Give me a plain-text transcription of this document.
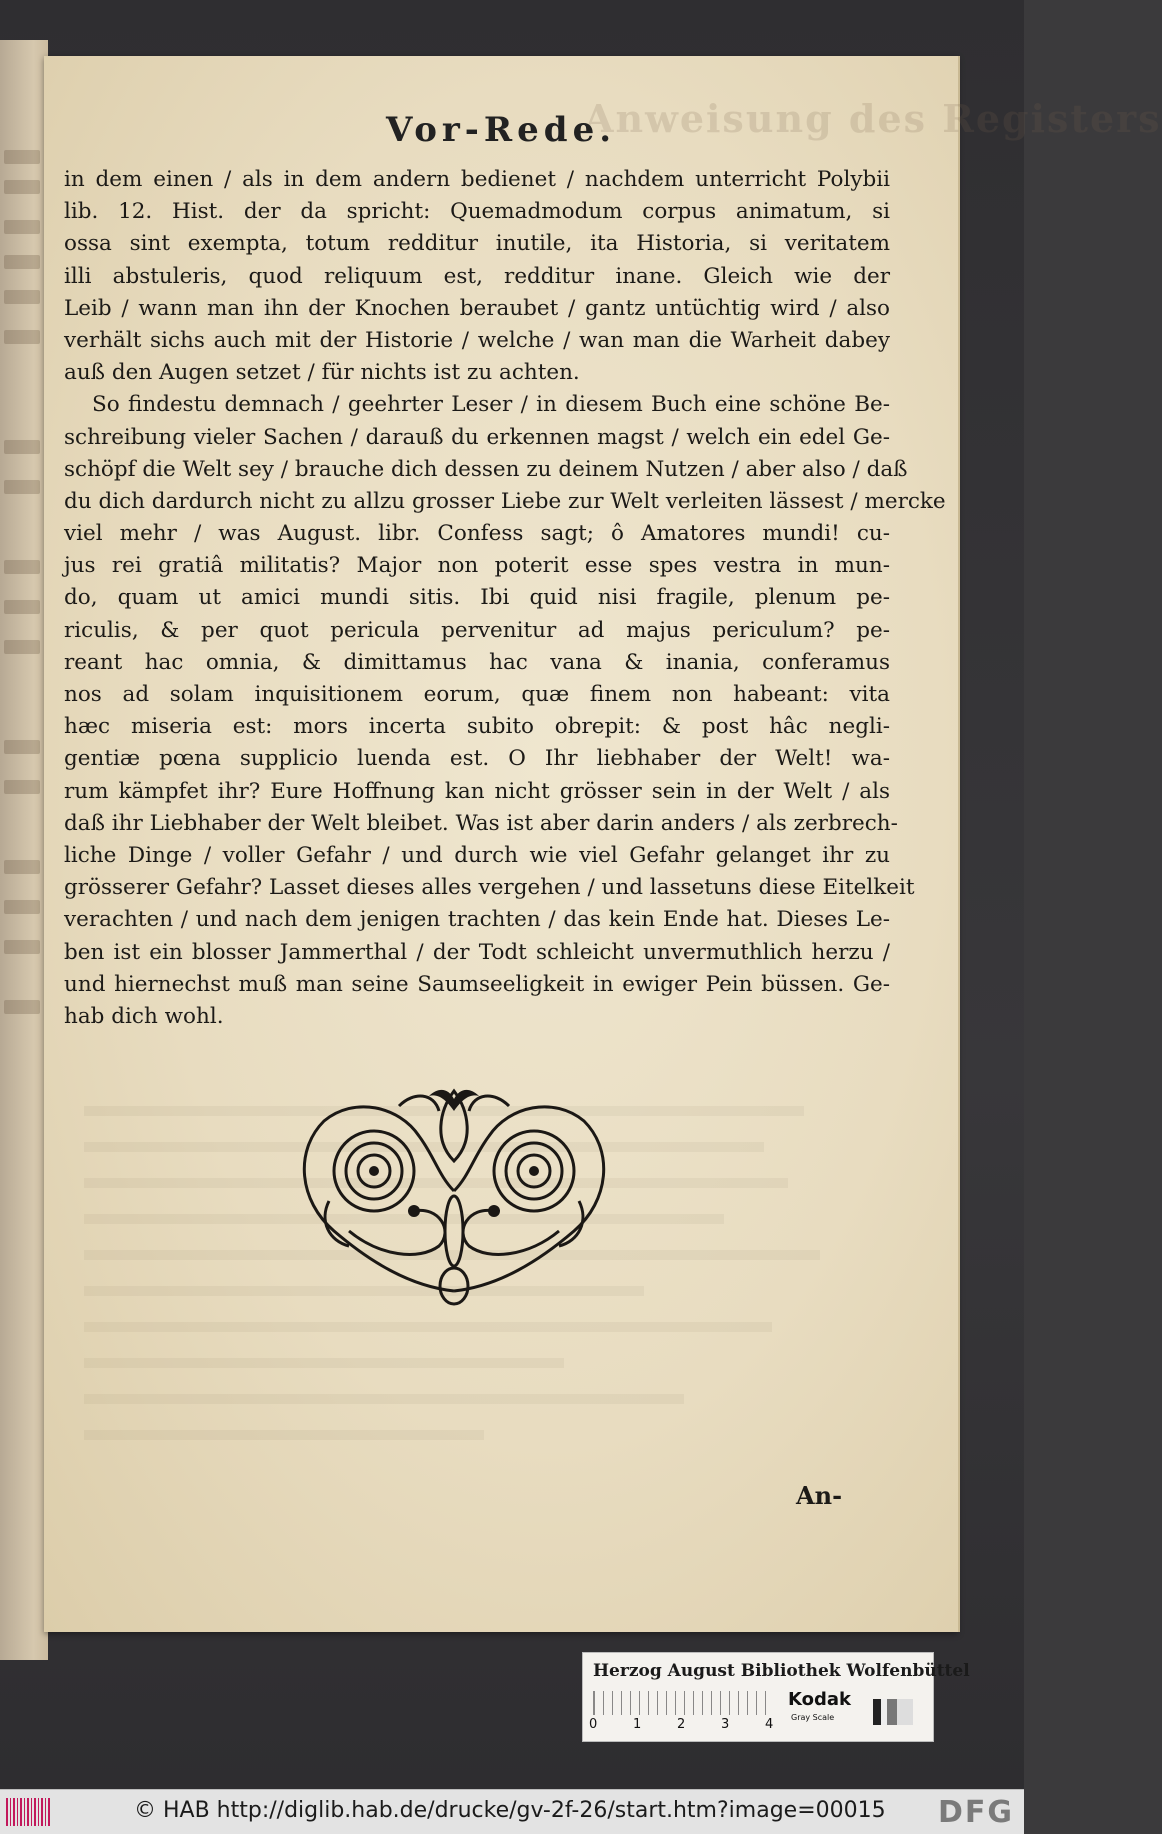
Anweisung des Registers
Vor-Rede.
in dem einen / als in dem andern bedienet / nachdem unterricht Polybii
lib. 12. Hist. der da spricht: Quemadmodum corpus animatum, si
ossa sint exempta, totum redditur inutile, ita Historia, si veritatem
illi abstuleris, quod reliquum est, redditur inane. Gleich wie der
Leib / wann man ihn der Knochen beraubet / gantz untüchtig wird / also
verhält sichs auch mit der Historie / welche / wan man die Warheit dabey
auß den Augen setzet / für nichts ist zu achten.
So findestu demnach / geehrter Leser / in diesem Buch eine schöne Be-
schreibung vieler Sachen / darauß du erkennen magst / welch ein edel Ge-
schöpf die Welt sey / brauche dich dessen zu deinem Nutzen / aber also / daß
du dich dardurch nicht zu allzu grosser Liebe zur Welt verleiten lässest / mercke
viel mehr / was August. libr. Confess sagt; ô Amatores mundi! cu-
jus rei gratiâ militatis? Major non poterit esse spes vestra in mun-
do, quam ut amici mundi sitis. Ibi quid nisi fragile, plenum pe-
riculis, & per quot pericula pervenitur ad majus periculum? pe-
reant hac omnia, & dimittamus hac vana & inania, conferamus
nos ad solam inquisitionem eorum, quæ finem non habeant: vita
hæc miseria est: mors incerta subito obrepit: & post hâc negli-
gentiæ pœna supplicio luenda est. O Ihr liebhaber der Welt! wa-
rum kämpfet ihr? Eure Hoffnung kan nicht grösser sein in der Welt / als
daß ihr Liebhaber der Welt bleibet. Was ist aber darin anders / als zerbrech-
liche Dinge / voller Gefahr / und durch wie viel Gefahr gelanget ihr zu
grösserer Gefahr? Lasset dieses alles vergehen / und lassetuns diese Eitelkeit
verachten / und nach dem jenigen trachten / das kein Ende hat. Dieses Le-
ben ist ein blosser Jammerthal / der Todt schleicht unvermuthlich herzu /
und hiernechst muß man seine Saumseeligkeit in ewiger Pein büssen. Ge-
hab dich wohl.
An-
Herzog August Bibliothek Wolfenbüttel
0	1	2	3	4
Kodak
Gray Scale
© HAB http://diglib.hab.de/drucke/gv-2f-26/start.htm?image=00015 DFG
